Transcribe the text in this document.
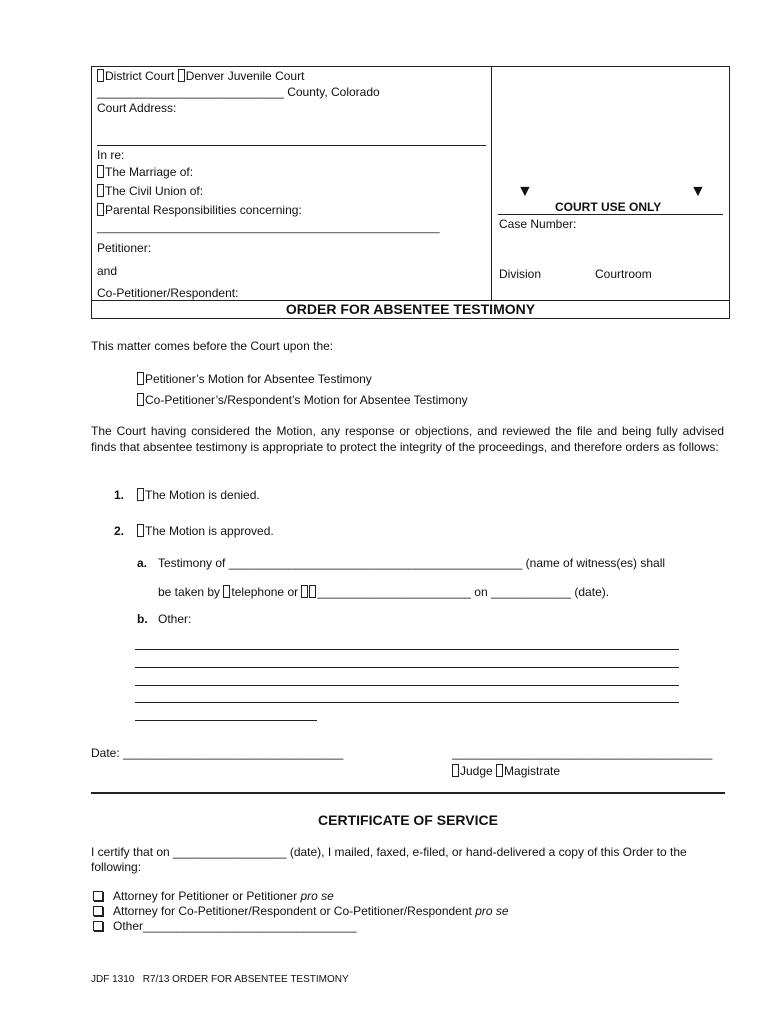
District Court Denver Juvenile Court
____________________________ County, Colorado
Court Address:
In re:
The Marriage of:
The Civil Union of:
Parental Responsibilities concerning:
________________________________________________________
Petitioner:
and
Co-Petitioner/Respondent:
▼	▼
COURT USE ONLY
Case Number:
Division	Courtroom
ORDER FOR ABSENTEE TESTIMONY
This matter comes before the Court upon the:
Petitioner’s Motion for Absentee Testimony
Co-Petitioner’s/Respondent’s Motion for Absentee Testimony
The Court having considered the Motion, any response or objections, and reviewed the file and being fully advised finds that absentee testimony is appropriate to protect the integrity of the proceedings, and therefore orders as follows:
1.	The Motion is denied.
2.	The Motion is approved.
a. Testimony of ____________________________________________ (name of witness(es) shall
be taken by telephone or _______________________ on ____________ (date).
b. Other:
Date: _________________________________	_______________________________________
Judge Magistrate
CERTIFICATE OF SERVICE
I certify that on _________________ (date), I mailed, faxed, e-filed, or hand-delivered a copy of this Order to the following:
Attorney for Petitioner or Petitioner pro se
Attorney for Co-Petitioner/Respondent or Co-Petitioner/Respondent pro se
Other________________________________
JDF 1310   R7/13 ORDER FOR ABSENTEE TESTIMONY
